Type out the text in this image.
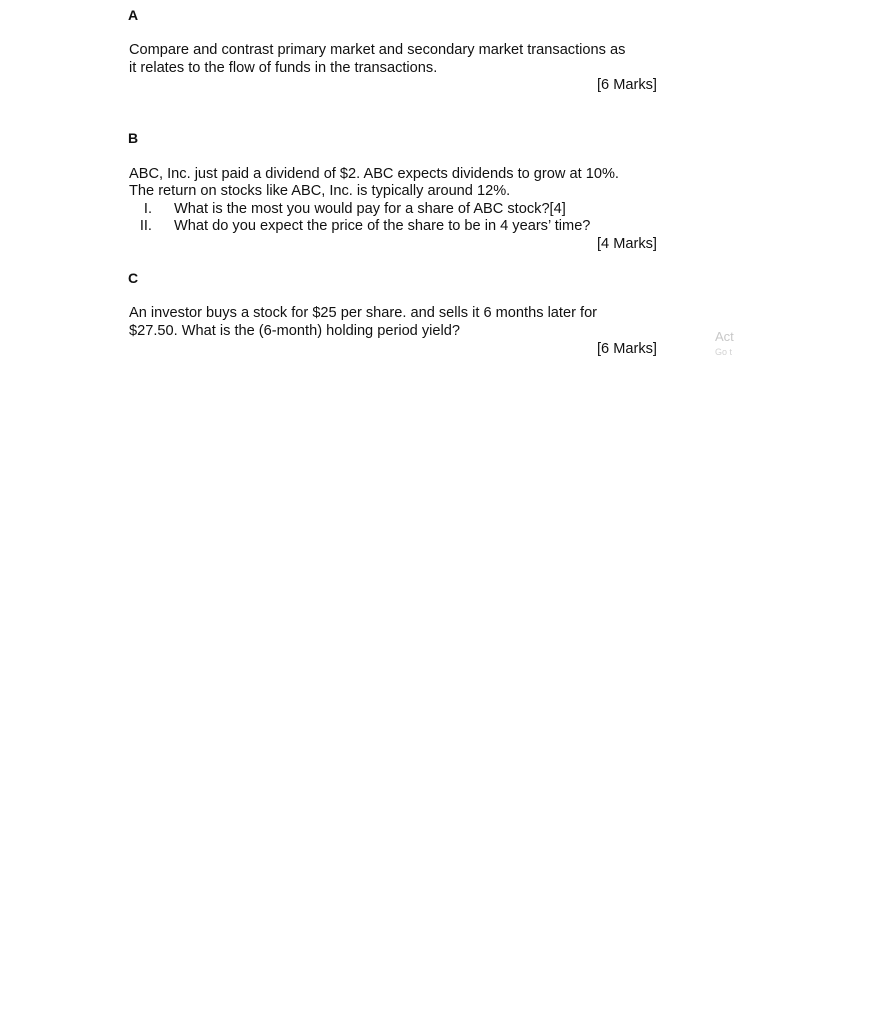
A
Compare and contrast primary market and secondary market transactions as
it relates to the flow of funds in the transactions.
[6 Marks]
B
ABC, Inc. just paid a dividend of $2. ABC expects dividends to grow at 10%.
The return on stocks like ABC, Inc. is typically around 12%.
I. What is the most you would pay for a share of ABC stock?[4]
II. What do you expect the price of the share to be in 4 years’ time?
[4 Marks]
C
An investor buys a stock for $25 per share. and sells it 6 months later for
$27.50. What is the (6-month) holding period yield?
[6 Marks]
Act
Go t
